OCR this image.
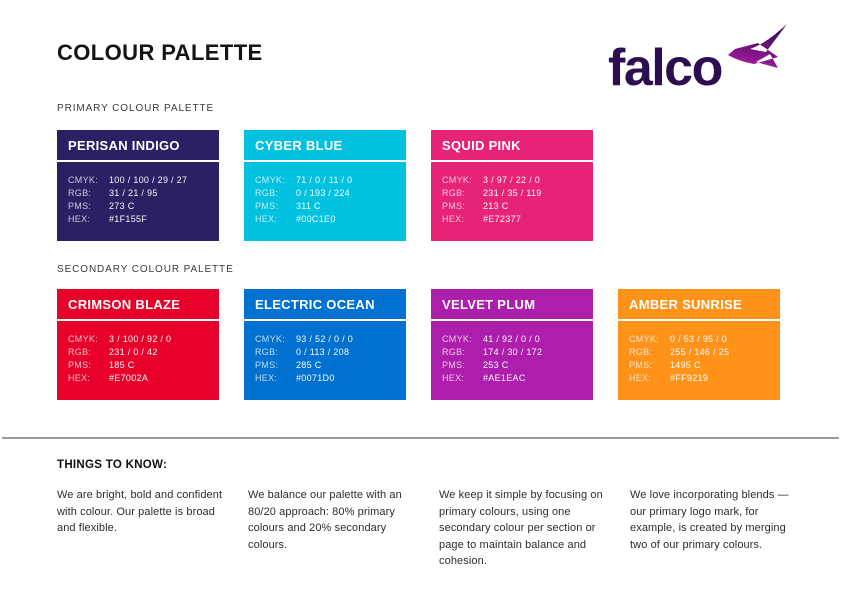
COLOUR PALETTE	falco
PRIMARY COLOUR PALETTE
PERISAN INDIGO
CMYK:	100 / 100 / 29 / 27
RGB:	31 / 21 / 95
PMS:	273 C
HEX:	#1F155F
CYBER BLUE
CMYK:	71 / 0 / 11 / 0
RGB:	0 / 193 / 224
PMS:	311 C
HEX:	#00C1E0
SQUID PINK
CMYK:	3 / 97 / 22 / 0
RGB:	231 / 35 / 119
PMS:	213 C
HEX:	#E72377
SECONDARY COLOUR PALETTE
CRIMSON BLAZE
CMYK:	3 / 100 / 92 / 0
RGB:	231 / 0 / 42
PMS:	185 C
HEX:	#E7002A
ELECTRIC OCEAN
CMYK:	93 / 52 / 0 / 0
RGB:	0 / 113 / 208
PMS:	285 C
HEX:	#0071D0
VELVET PLUM
CMYK:	41 / 92 / 0 / 0
RGB:	174 / 30 / 172
PMS:	253 C
HEX:	#AE1EAC
AMBER SUNRISE
CMYK:	0 / 53 / 95 / 0
RGB:	255 / 146 / 25
PMS:	1495 C
HEX:	#FF9219
THINGS TO KNOW:

We are bright, bold and confident with colour. Our palette is broad and flexible.

We balance our palette with an 80/20 approach: 80% primary colours and 20% secondary colours.

We keep it simple by focusing on primary colours, using one secondary colour per section or page to maintain balance and cohesion.

We love incorporating blends —our primary logo mark, for example, is created by merging two of our primary colours.
